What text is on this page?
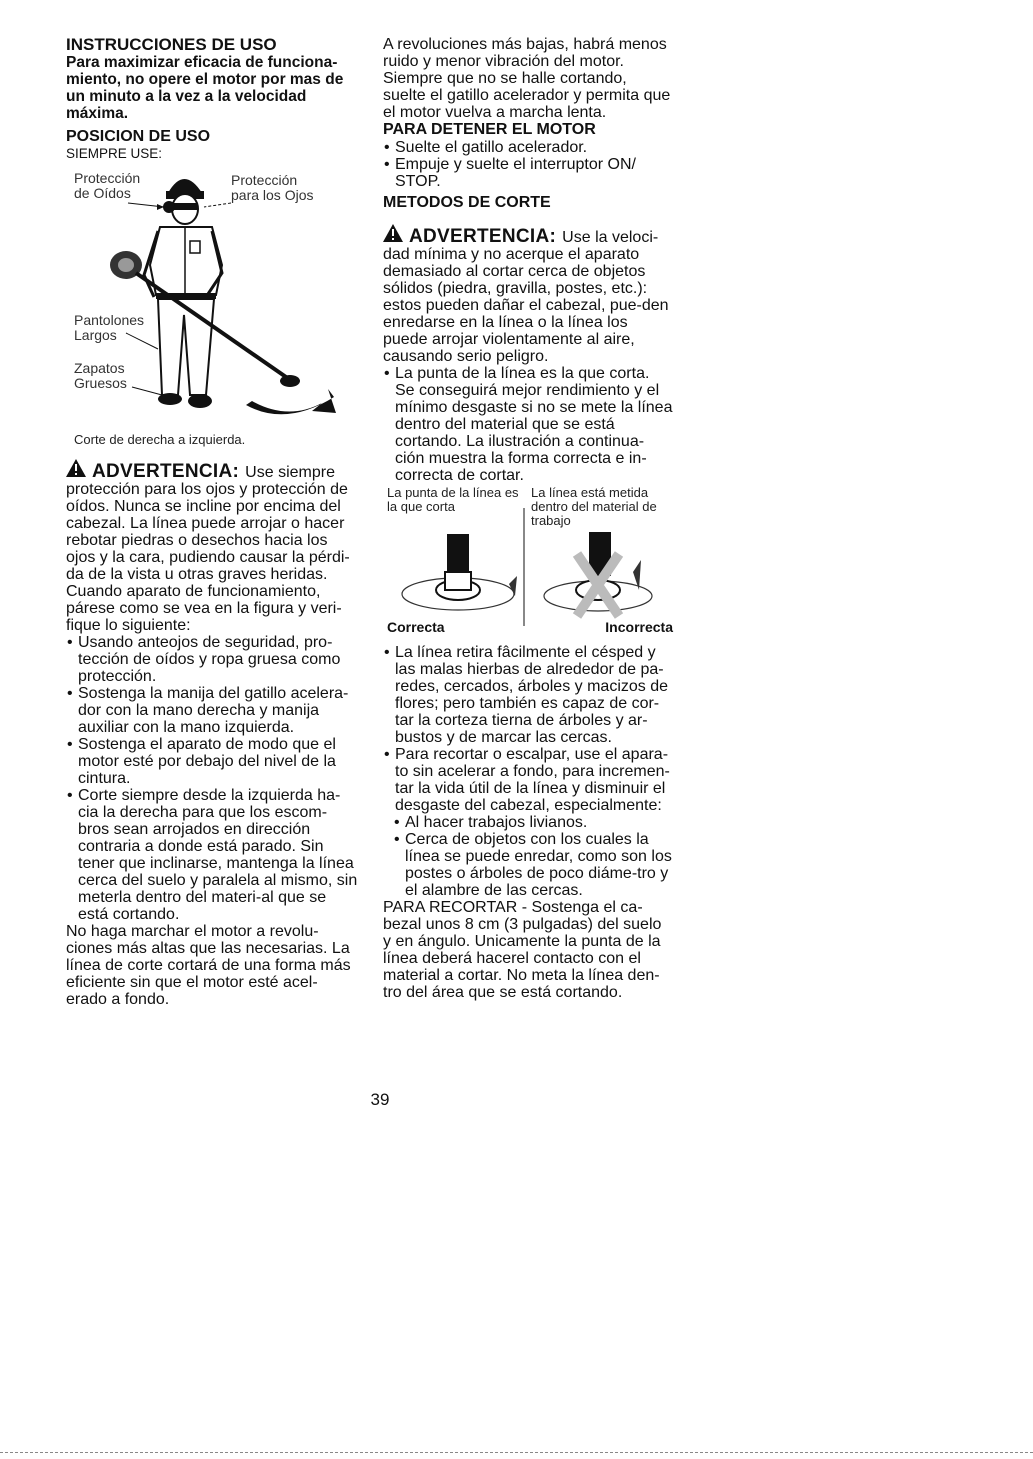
INSTRUCCIONES DE USO

Para maximizar eficacia de funciona-miento, no opere el motor por mas de un minuto a la vez a la velocidad máxima.

POSICION DE USO
SIEMPRE USE:
Protección de Oídos
Protección para los Ojos
Pantolones Largos
Zapatos Gruesos
Corte de derecha a izquierda.
ADVERTENCIA: Use siempre

protección para los ojos y protección de oídos. Nunca se incline por encima del cabezal. La línea puede arrojar o hacer rebotar piedras o desechos hacia los ojos y la cara, pudiendo causar la pérdi-da de la vista u otras graves heridas. Cuando aparato de funcionamiento, párese como se vea en la figura y veri-fique lo siguiente:

• Usando anteojos de seguridad, pro-tección de oídos y ropa gruesa como protección.
• Sostenga la manija del gatillo acelera-dor con la mano derecha y manija auxiliar con la mano izquierda.
• Sostenga el aparato de modo que el motor esté por debajo del nivel de la cintura.
• Corte siempre desde la izquierda ha-cia la derecha para que los escom-bros sean arrojados en dirección contraria a donde está parado. Sin tener que inclinarse, mantenga la línea cerca del suelo y paralela al mismo, sin meterla dentro del materi-al que se está cortando.

No haga marchar el motor a revolu-ciones más altas que las necesarias. La línea de corte cortará de una forma más eficiente sin que el motor esté acel-erado a fondo.

A revoluciones más bajas, habrá menos ruido y menor vibración del motor. Siempre que no se halle cortando, suelte el gatillo acelerador y permita que el motor vuelva a marcha lenta.

PARA DETENER EL MOTOR
• Suelte el gatillo acelerador.
• Empuje y suelte el interruptor ON/ STOP.
METODOS DE CORTE
ADVERTENCIA: Use la veloci-

dad mínima y no acerque el aparato demasiado al cortar cerca de objetos sólidos (piedra, gravilla, postes, etc.): estos pueden dañar el cabezal, pue-den enredarse en la línea o la línea los puede arrojar violentamente al aire, causando serio peligro.

• La punta de la línea es la que corta. Se conseguirá mejor rendimiento y el mínimo desgaste si no se mete la línea dentro del material que se está cortando. La ilustración a continua-ción muestra la forma correcta e in-correcta de cortar.
La punta de la línea es la que corta
La línea está metida dentro del material de trabajo
Correcta	Incorrecta
• La línea retira fâcilmente el césped y las malas hierbas de alrededor de pa-redes, cercados, árboles y macizos de flores; pero también es capaz de cor-tar la corteza tierna de árboles y ar-bustos y de marcar las cercas.
• Para recortar o escalpar, use el apara-to sin acelerar a fondo, para incremen-tar la vida útil de la línea y disminuir el desgaste del cabezal, especialmente:
• Al hacer trabajos livianos.
• Cerca de objetos con los cuales la línea se puede enredar, como son los postes o árboles de poco diáme-tro y el alambre de las cercas.

PARA RECORTAR - Sostenga el ca-bezal unos 8 cm (3 pulgadas) del suelo y en ángulo. Unicamente la punta de la línea deberá hacerel contacto con el material a cortar. No meta la línea den-tro del área que se está cortando.

39
